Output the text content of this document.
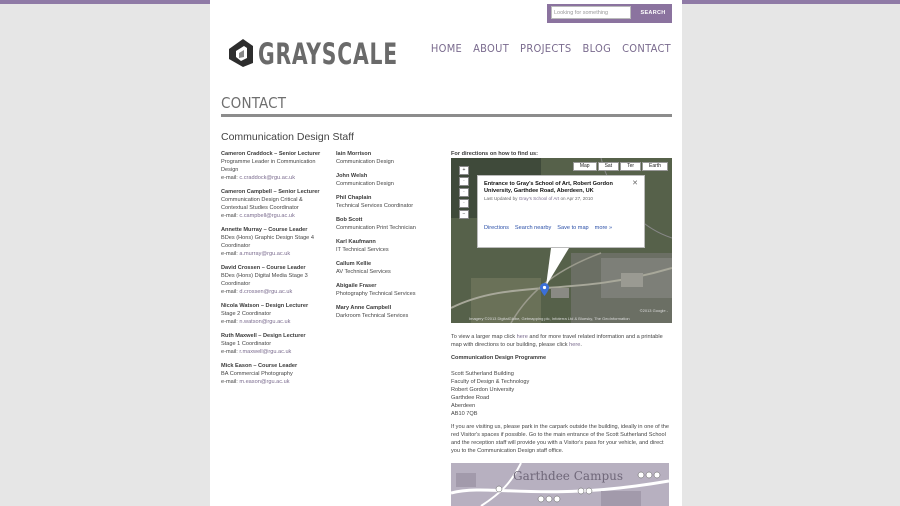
Looking for something	SEARCH
GRAYSCALE	HOME ABOUT PROJECTS BLOG CONTACT
CONTACT
Communication Design Staff
Cameron Craddock – Senior Lecturer
Programme Leader in Communication Design
e-mail: c.craddock@rgu.ac.uk
Cameron Campbell – Senior Lecturer
Communication Design Critical & Contextual Studies Coordinator
e-mail: c.campbell@rgu.ac.uk
Annette Murray – Course Leader
BDes (Hons) Graphic Design Stage 4 Coordinator
e-mail: a.murray@rgu.ac.uk
David Crossen – Course Leader
BDes (Hons) Digital Media Stage 3 Coordinator
e-mail: d.crossen@rgu.ac.uk
Nicola Watson – Design Lecturer
Stage 2 Coordinator
e-mail: n.watson@rgu.ac.uk
Ruth Maxwell – Design Lecturer
Stage 1 Coordinator
e-mail: r.maxwell@rgu.ac.uk
Mick Eason – Course Leader
BA Commercial Photography
e-mail: m.eason@rgu.ac.uk
Iain Morrison
Communication Design
John Welsh
Communication Design
Phil Chaplain
Technical Services Coordinator
Bob Scott
Communication Print Technician
Karl Kaufmann
IT Technical Services
Callum Kellie
AV Technical Services
Abigaile Fraser
Photography Technical Services
Mary Anne Campbell
Darkroom Technical Services
For directions on how to find us:
+
·
·
·
−
Map	Sat	Ter	Earth
✕
Entrance to Gray's School of Art, Robert Gordon University, Garthdee Road, Aberdeen, UK
Last Updated by Gray's School of Art on Apr 27, 2010
Directions Search nearby Save to map more »
©2013 Google -
Imagery ©2013 DigitalGlobe, Getmapping plc, Infoterra Ltd & Bluesky, The GeoInformation
To view a larger map click here and for more travel related information and a printable map with directions to our building, please click here.
Communication Design Programme
Scott Sutherland Building
Faculty of Design & Technology
Robert Gordon University
Garthdee Road
Aberdeen
AB10 7QB
If you are visiting us, please park in the carpark outside the building, ideally in one of the red Visitor's spaces if possible. Go to the main entrance of the Scott Sutherland School and the reception staff will provide you with a Visitor's pass for your vehicle, and direct you to the Communication Design staff office.
Garthdee Campus
